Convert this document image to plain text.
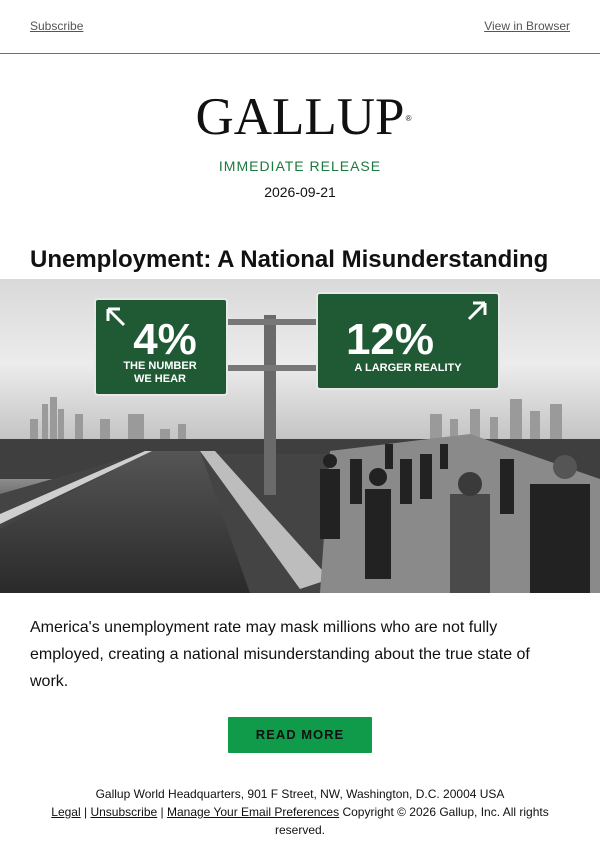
Subscribe	View in Browser
GALLUP ®
IMMEDIATE RELEASE
2026-09-21
Unemployment: A National Misunderstanding
4%
THE NUMBER
WE HEAR
12%
A LARGER REALITY
America's unemployment rate may mask millions who are not fully employed, creating a national misunderstanding about the true state of work.
READ MORE
Gallup World Headquarters, 901 F Street, NW, Washington, D.C. 20004 USA
Legal | Unsubscribe | Manage Your Email Preferences Copyright © 2026 Gallup, Inc. All rights reserved.
